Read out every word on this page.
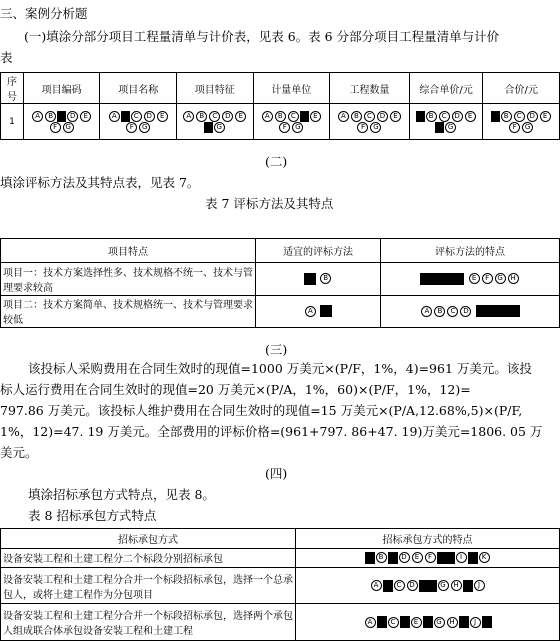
三、案例分析题
(一)填涂分部分项目工程量清单与计价表，见表 6。表 6 分部分项目工程量清单与计价
表
序号	项目编码	项目名称	项目特征	计量单位	工程数量	综合单价/元	合价/元
1	A B D EF G	A C D EF G	A B C D EG	A B C EF G	A B C D EF G	B C D EG	B C D EF G
(二)
填涂评标方法及其特点表，见表 7。
表 7 评标方法及其特点
项目特点	适宜的评标方法	评标方法的特点
项目一：技术方案选择性多、技术规格不统一、技术与管理要求较高	B	E F G H
项目二：技术方案简单、技术规格统一、技术与管理要求较低	A	A B C D
(三)
该投标人采购费用在合同生效时的现值=1000 万美元×(P/F，1%，4)=961 万美元。该投
标人运行费用在合同生效时的现值=20 万美元×(P/A，1%，60)×(P/F，1%，12)=
797.86 万美元。该投标人维护费用在合同生效时的现值=15 万美元×(P/A,12.68%,5)×(P/F,
1%，12)=47. 19 万美元。全部费用的评标价格=(961+797. 86+47. 19)万美元=1806. 05 万
美元。
(四)
填涂招标承包方式特点，见表 8。
表 8 招标承包方式特点
招标承包方式	招标承包方式的特点
设备安装工程和土建工程分二个标段分别招标承包	B D E F I K
设备安装工程和土建工程分合并一个标段招标承包，选择一个总承包人，或将土建工程作为分包项目	A C D G H J
设备安装工程和土建工程分合并一个标段招标承包，选择两个承包人组成联合体承包设备安装工程和土建工程	A C E G H J
